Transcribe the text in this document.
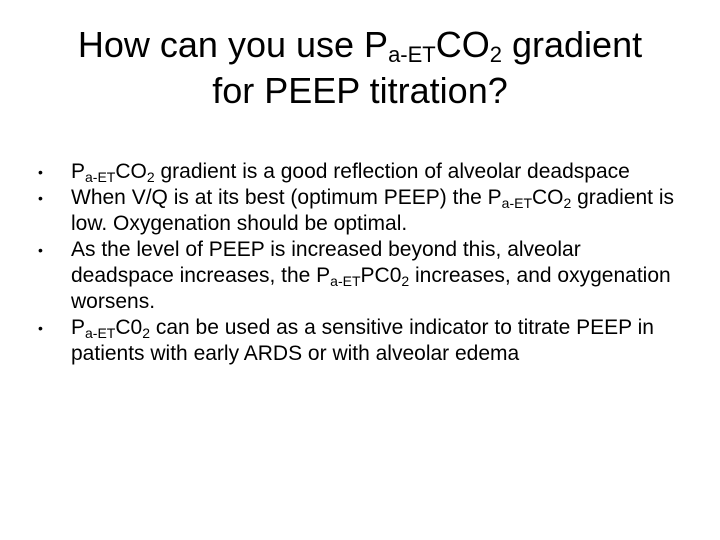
How can you use $P_{a-ET}CO_2$ gradient
for PEEP titration?
•	$P_{a-ET}CO_2$ gradient is a good reflection of alveolar deadspace
•	When V/Q is at its best (optimum PEEP) the $P_{a-ET}CO_2$ gradient is low. Oxygenation should be optimal.
•	As the level of PEEP is increased beyond this, alveolar deadspace increases, the $P_{a-ET}PC0_2$ increases, and oxygenation worsens.
•	$P_{a-ET}C0_2$ can be used as a sensitive indicator to titrate PEEP in patients with early ARDS or with alveolar edema
